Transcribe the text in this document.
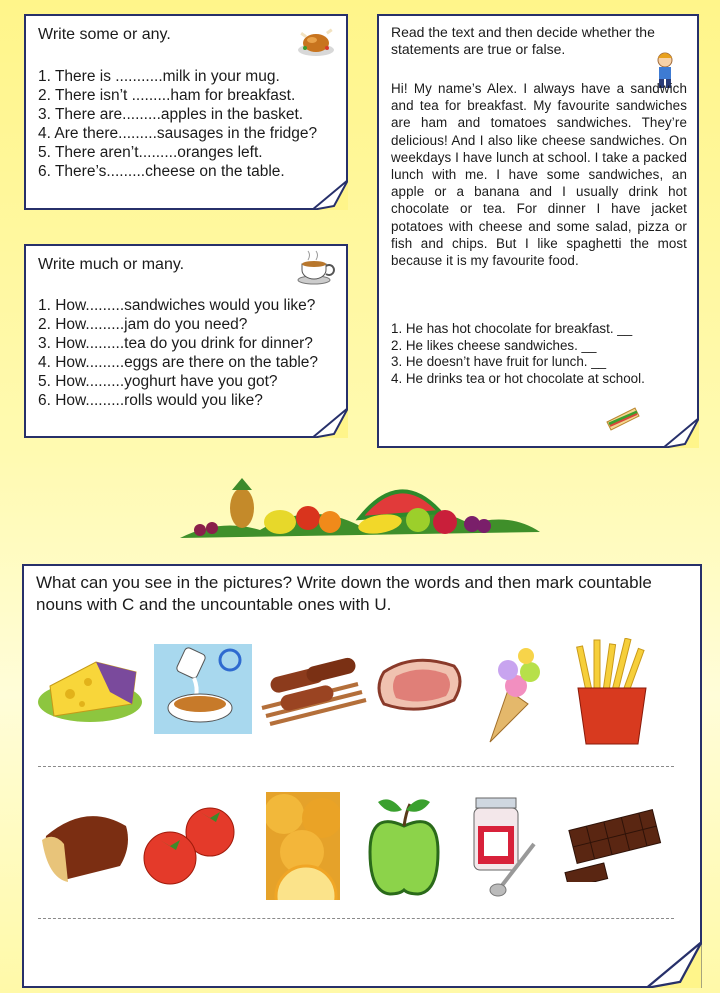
Write some or any.
1. There is ...........milk in your mug.
2. There isn’t .........ham for breakfast.
3. There are.........apples in the basket.
4. Are there.........sausages in the fridge?
5. There aren’t.........oranges left.
6. There’s.........cheese on the table.
Write much or many.
1. How.........sandwiches would you like?
2. How.........jam do you need?
3. How.........tea do you drink for dinner?
4. How.........eggs are there on the table?
5. How.........yoghurt have you got?
6. How.........rolls would you like?
Read the text and then decide whether the statements are true or false.
Hi! My name’s Alex. I always have a sandwich and tea for breakfast. My favourite sandwiches are ham and tomatoes sandwiches. They’re delicious! And I also like cheese sandwiches. On weekdays I have lunch at school. I take a packed lunch with me. I have some sandwiches, an apple or a banana and I usually drink hot chocolate or tea. For dinner I have jacket potatoes with cheese and some salad, pizza or fish and chips. But I like spaghetti the most because it is my favourite food.
1. He has hot chocolate for breakfast. __
2. He likes cheese sandwiches. __
3. He doesn’t have fruit for lunch. __
4. He drinks tea or hot chocolate at school.
What can you see in the pictures? Write down the words and then mark countable nouns with C and the uncountable ones with U.
